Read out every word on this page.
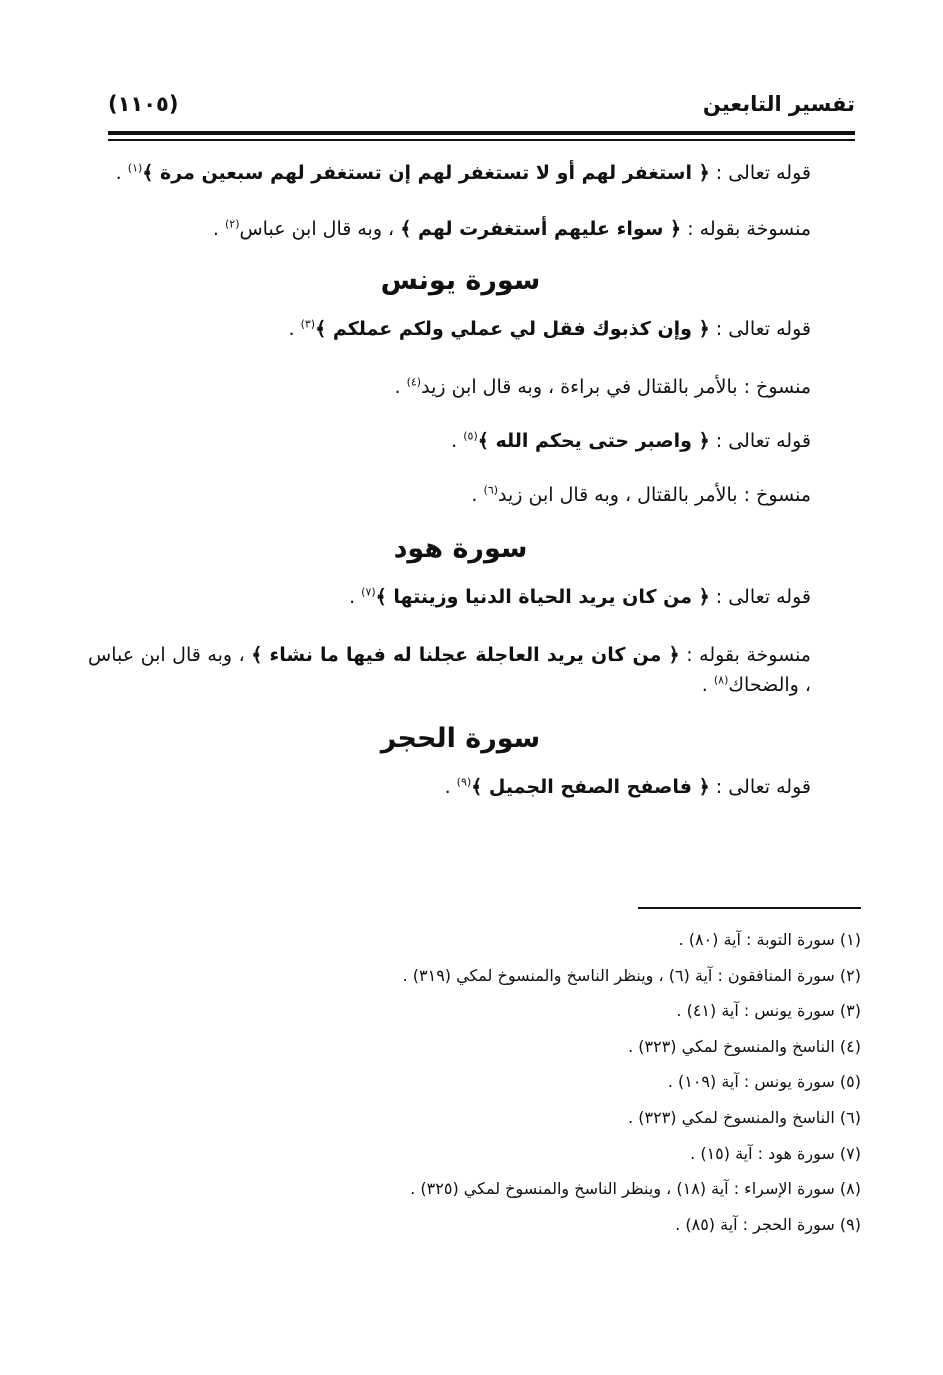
تفسير التابعين
(١١٠٥)

قوله تعالى : ﴿ استغفر لهم أو لا تستغفر لهم إن تستغفر لهم سبعين مرة ﴾$^{(١)}$ .

منسوخة بقوله : ﴿ سواء عليهم أستغفرت لهم ﴾ ، وبه قال ابن عباس$^{(٢)}$ .

سورة يونس

قوله تعالى : ﴿ وإن كذبوك فقل لي عملي ولكم عملكم ﴾$^{(٣)}$ .

منسوخ : بالأمر بالقتال في براءة ، وبه قال ابن زيد$^{(٤)}$ .

قوله تعالى : ﴿ واصبر حتى يحكم الله ﴾$^{(٥)}$ .

منسوخ : بالأمر بالقتال ، وبه قال ابن زيد$^{(٦)}$ .

سورة هود

قوله تعالى : ﴿ من كان يريد الحياة الدنيا وزينتها ﴾$^{(٧)}$ .

منسوخة بقوله : ﴿ من كان يريد العاجلة عجلنا له فيها ما نشاء ﴾ ، وبه قال ابن عباس ، والضحاك$^{(٨)}$ .

سورة الحجر

قوله تعالى : ﴿ فاصفح الصفح الجميل ﴾$^{(٩)}$ .

(١) سورة التوبة : آية (٨٠) .
(٢) سورة المنافقون : آية (٦) ، وينظر الناسخ والمنسوخ لمكي (٣١٩) .
(٣) سورة يونس : آية (٤١) .
(٤) الناسخ والمنسوخ لمكي (٣٢٣) .
(٥) سورة يونس : آية (١٠٩) .
(٦) الناسخ والمنسوخ لمكي (٣٢٣) .
(٧) سورة هود : آية (١٥) .
(٨) سورة الإسراء : آية (١٨) ، وينظر الناسخ والمنسوخ لمكي (٣٢٥) .
(٩) سورة الحجر : آية (٨٥) .
